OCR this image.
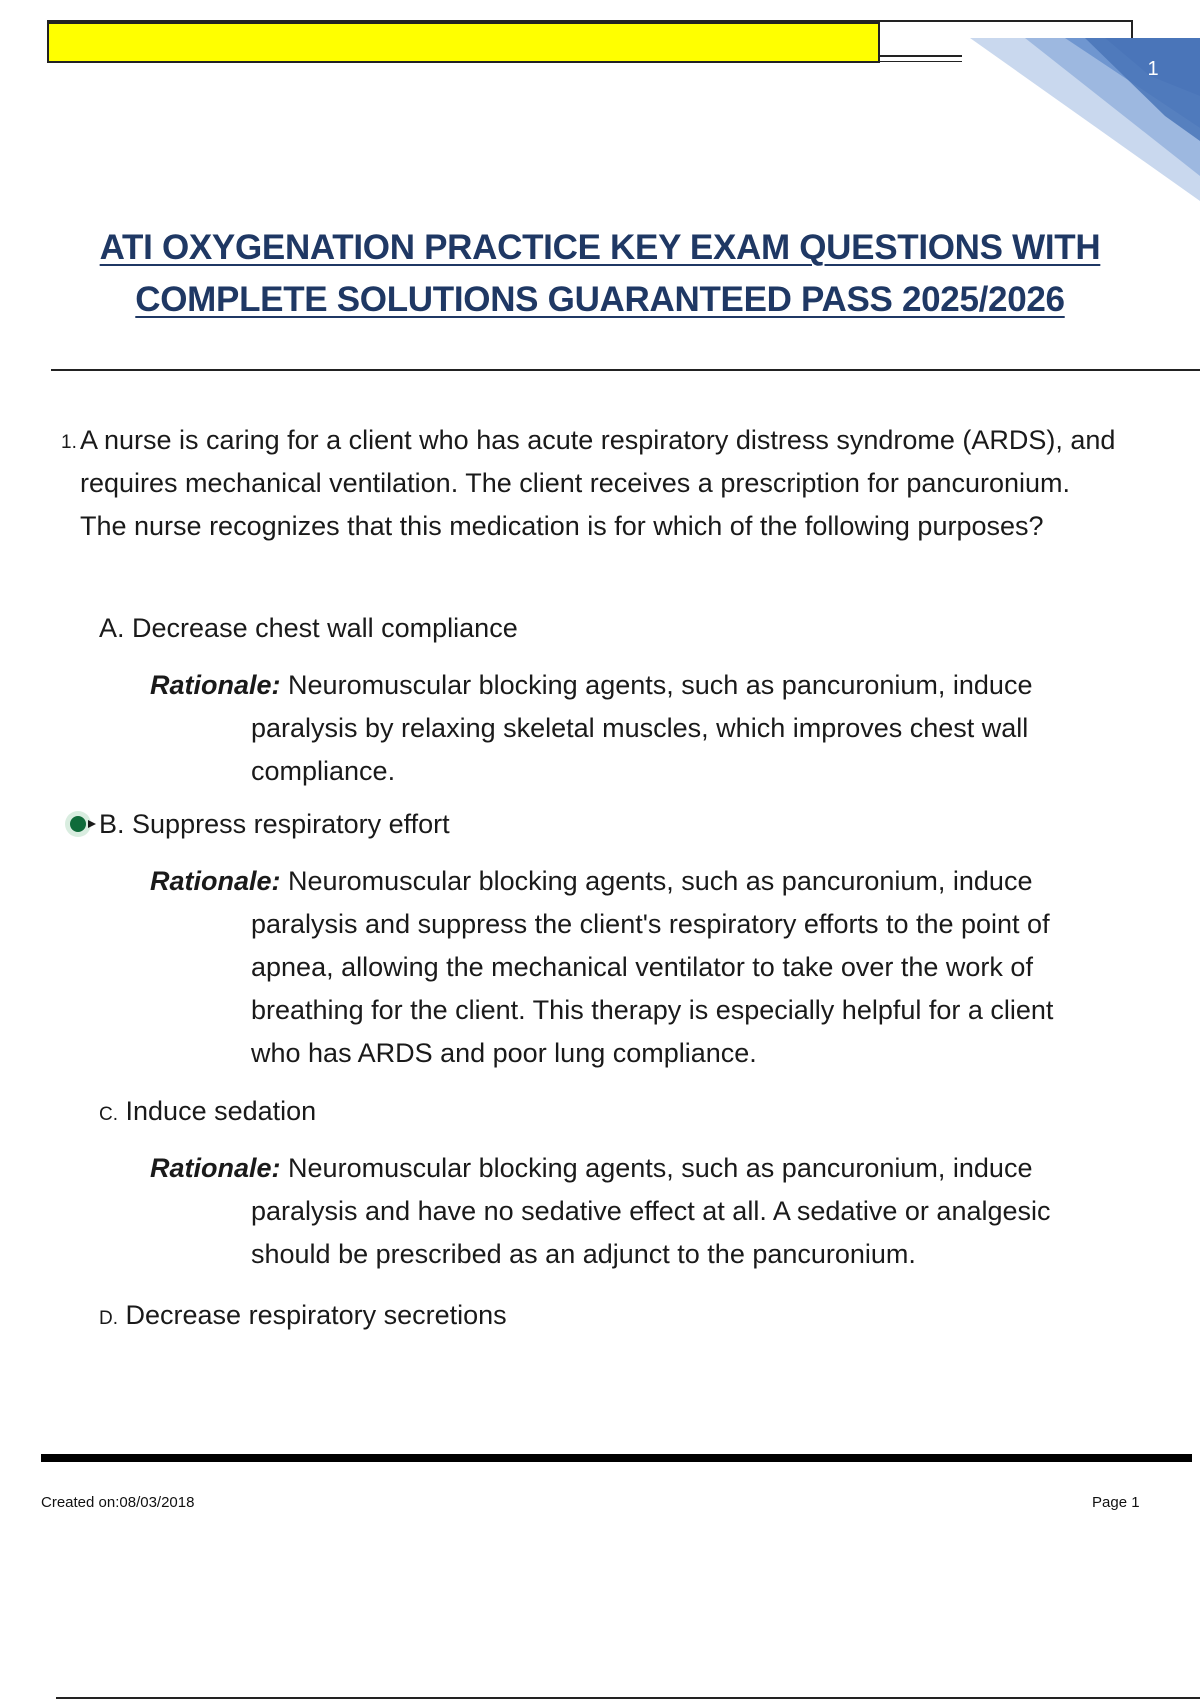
1
ATI OXYGENATION PRACTICE KEY EXAM QUESTIONS WITH
COMPLETE SOLUTIONS GUARANTEED PASS 2025/2026
1. A nurse is caring for a client who has acute respiratory distress syndrome (ARDS), and requires mechanical ventilation. The client receives a prescription for pancuronium. The nurse recognizes that this medication is for which of the following purposes?
A. Decrease chest wall compliance
Rationale: Neuromuscular blocking agents, such as pancuronium, induce
paralysis by relaxing skeletal muscles, which improves chest wall compliance.
B. Suppress respiratory effort
Rationale: Neuromuscular blocking agents, such as pancuronium, induce
paralysis and suppress the client's respiratory efforts to the point of apnea, allowing the mechanical ventilator to take over the work of breathing for the client. This therapy is especially helpful for a client who has ARDS and poor lung compliance.
C. Induce sedation
Rationale: Neuromuscular blocking agents, such as pancuronium, induce
paralysis and have no sedative effect at all. A sedative or analgesic should be prescribed as an adjunct to the pancuronium.
D. Decrease respiratory secretions
Created on:08/03/2018	Page 1
